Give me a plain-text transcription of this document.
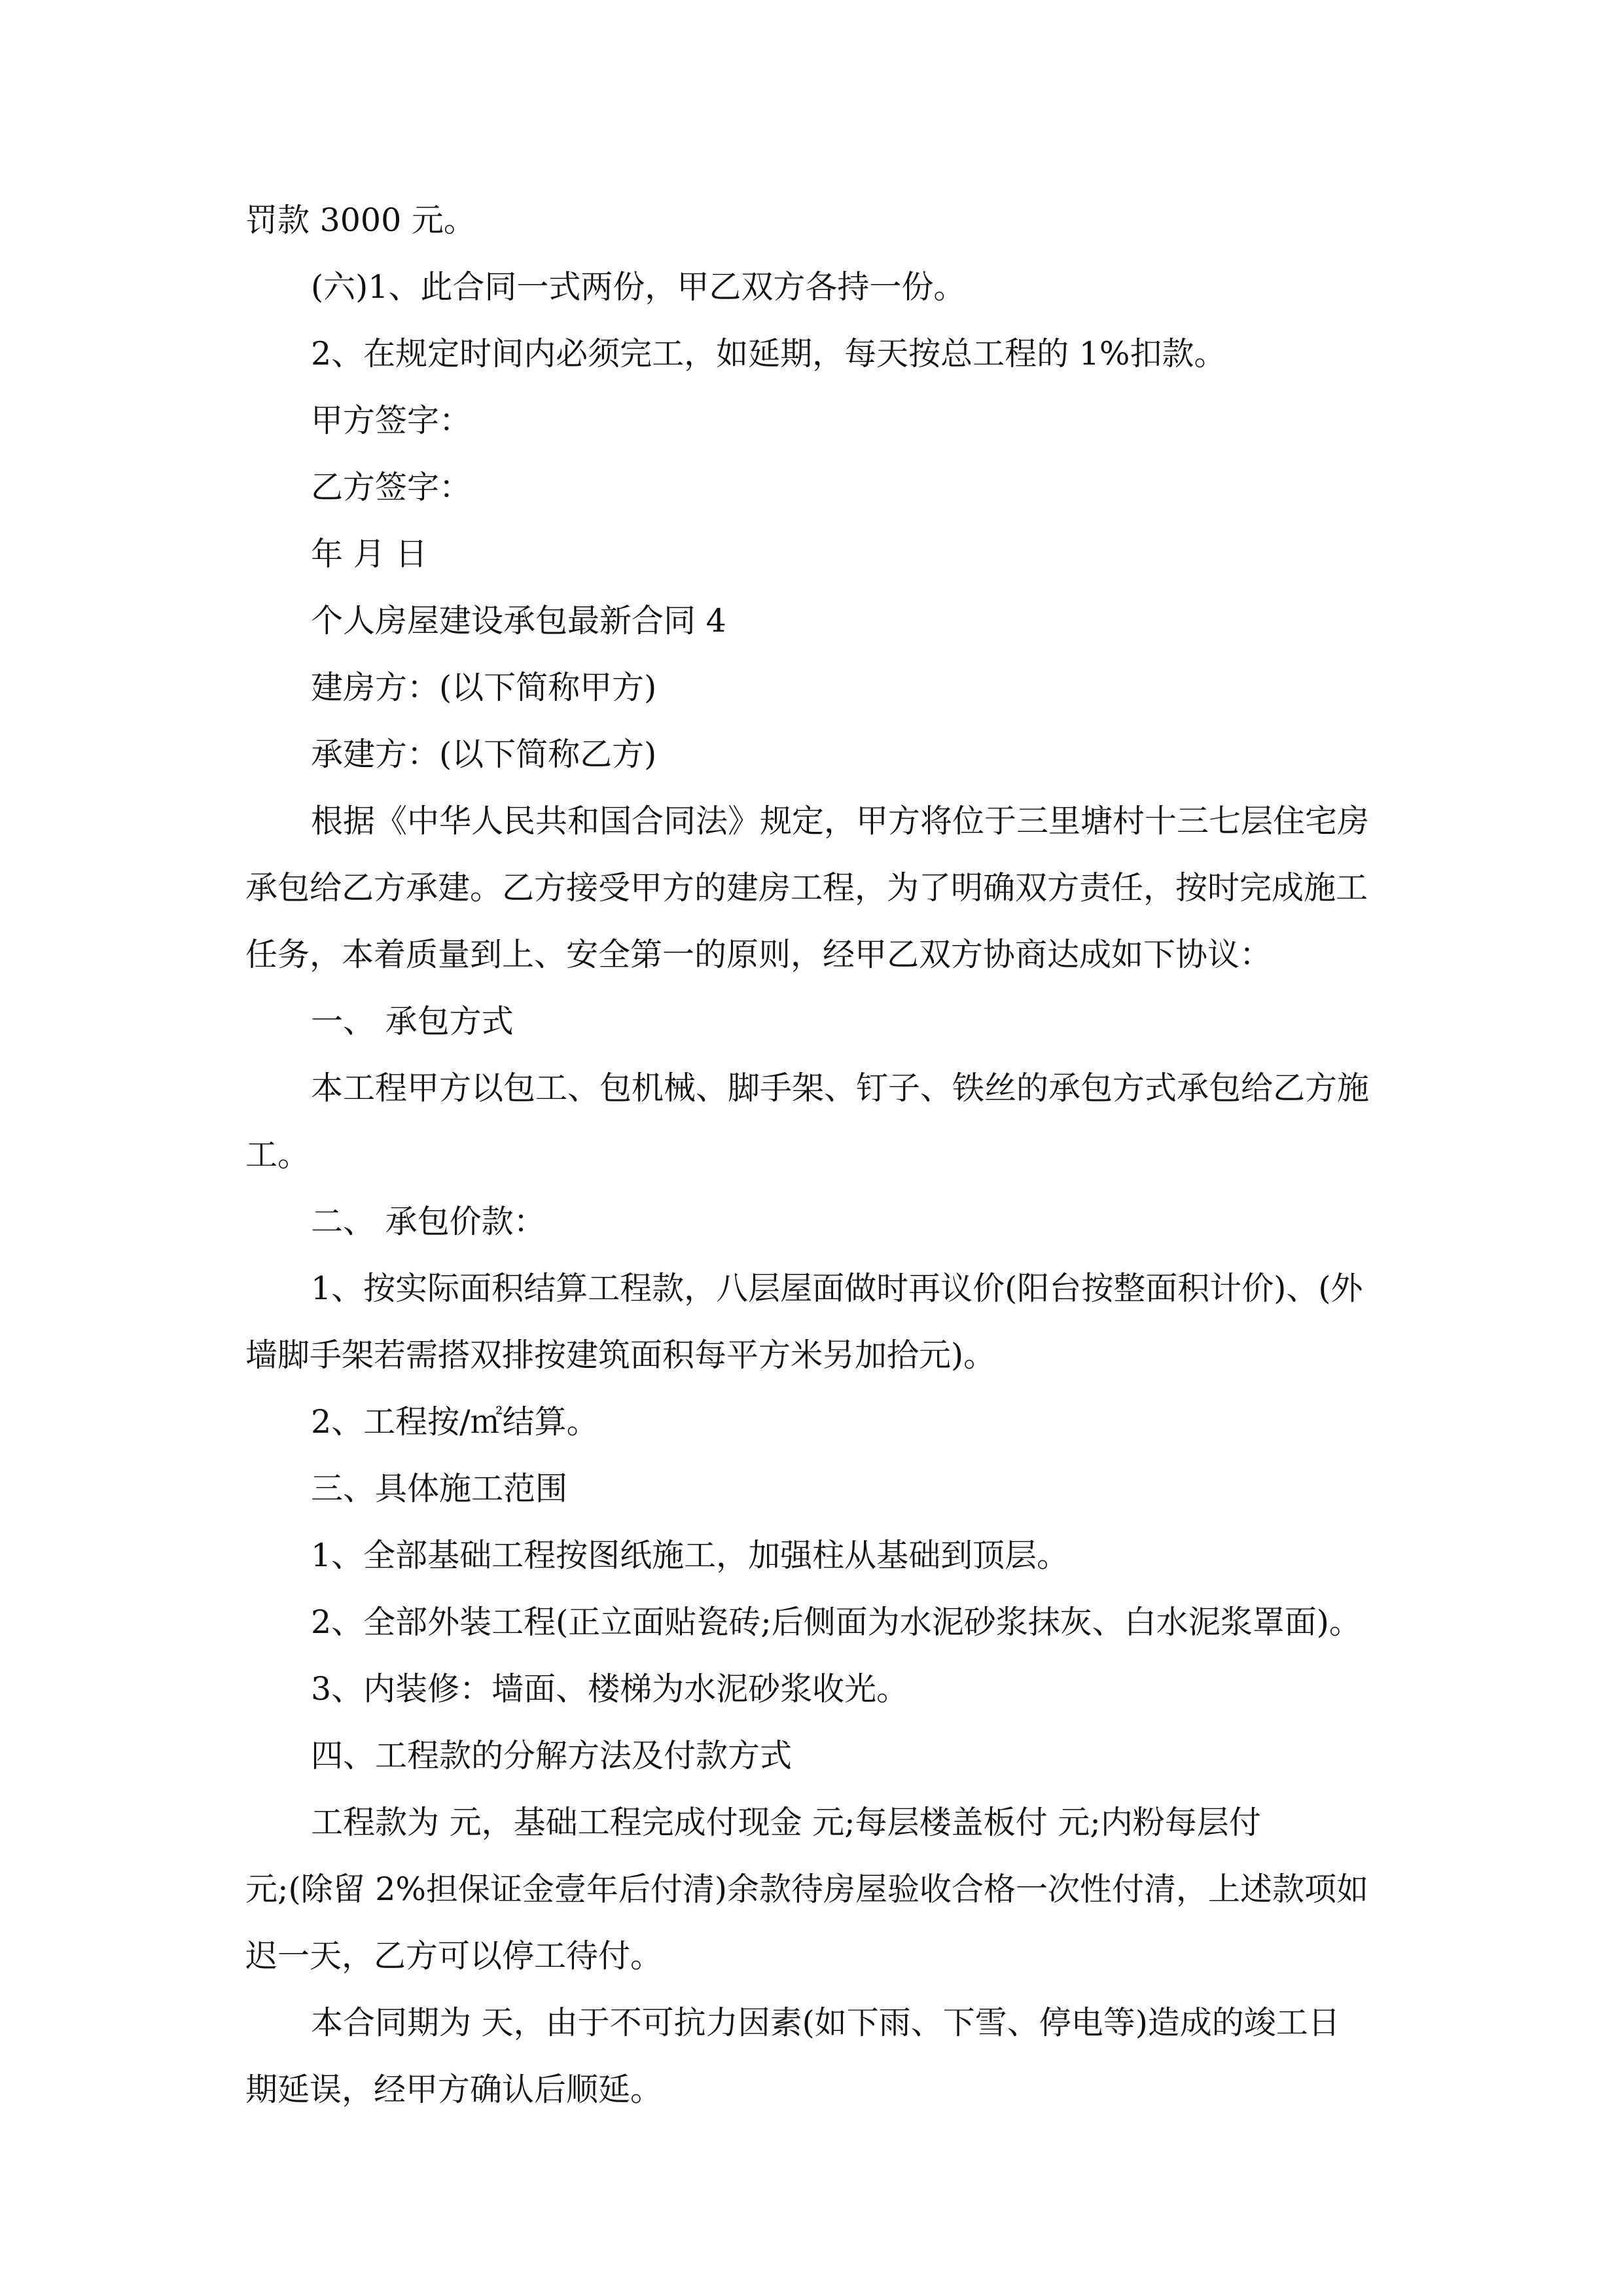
罚款 3000 元。
(六)1、此合同一式两份，甲乙双方各持一份。
2、在规定时间内必须完工，如延期，每天按总工程的 1%扣款。
甲方签字：
乙方签字：
年 月 日
个人房屋建设承包最新合同 4
建房方：(以下简称甲方)
承建方：(以下简称乙方)
根据《中华人民共和国合同法》规定，甲方将位于三里塘村十三七层住宅房
承包给乙方承建。乙方接受甲方的建房工程，为了明确双方责任，按时完成施工
任务，本着质量到上、安全第一的原则，经甲乙双方协商达成如下协议：
一、 承包方式
本工程甲方以包工、包机械、脚手架、钉子、铁丝的承包方式承包给乙方施
工。
二、 承包价款：
1、按实际面积结算工程款，八层屋面做时再议价(阳台按整面积计价)、(外
墙脚手架若需搭双排按建筑面积每平方米另加拾元)。
2、工程按/㎡结算。
三、具体施工范围
1、全部基础工程按图纸施工，加强柱从基础到顶层。
2、全部外装工程(正立面贴瓷砖;后侧面为水泥砂浆抹灰、白水泥浆罩面)。
3、内装修：墙面、楼梯为水泥砂浆收光。
四、工程款的分解方法及付款方式
工程款为 元，基础工程完成付现金 元;每层楼盖板付 元;内粉每层付
元;(除留 2%担保证金壹年后付清)余款待房屋验收合格一次性付清，上述款项如
迟一天，乙方可以停工待付。
本合同期为 天，由于不可抗力因素(如下雨、下雪、停电等)造成的竣工日
期延误，经甲方确认后顺延。
